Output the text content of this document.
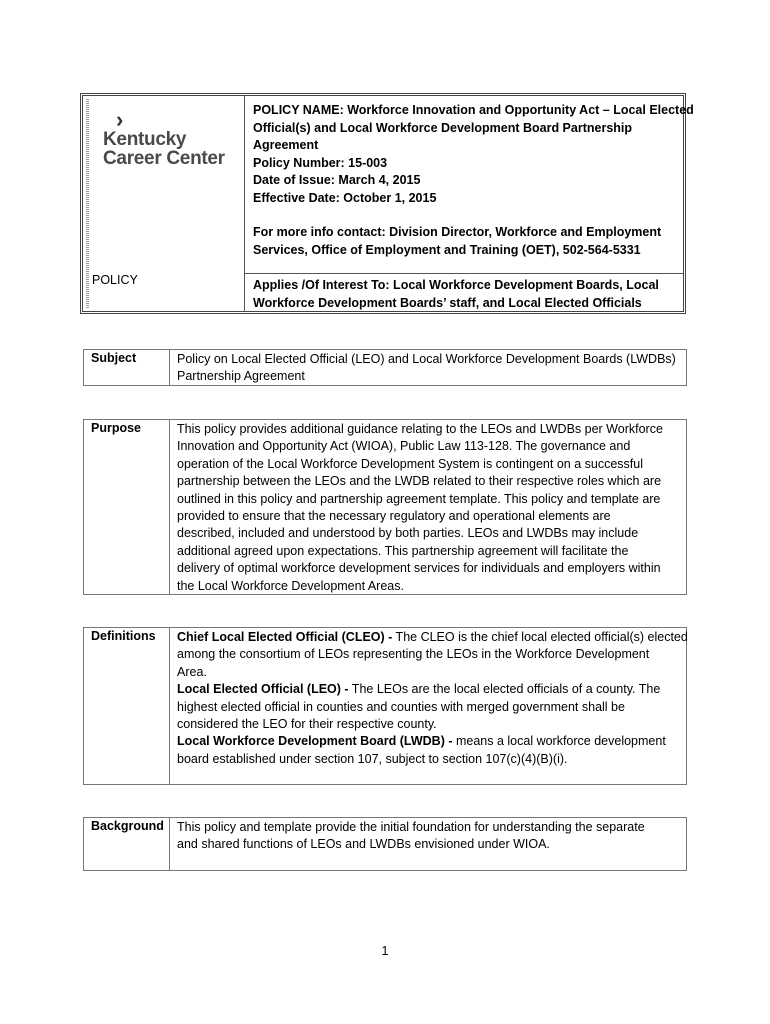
›
Kentucky
Career Center
POLICY
POLICY NAME: Workforce Innovation and Opportunity Act – Local Elected
Official(s) and Local Workforce Development Board Partnership
Agreement
Policy Number: 15-003
Date of Issue: March 4, 2015
Effective Date: October 1, 2015
For more info contact: Division Director, Workforce and Employment
Services, Office of Employment and Training (OET), 502-564-5331
Applies /Of Interest To: Local Workforce Development Boards, Local
Workforce Development Boards’ staff, and Local Elected Officials
Subject	Policy on Local Elected Official (LEO) and Local Workforce Development Boards (LWDBs)
Partnership Agreement
Purpose	This policy provides additional guidance relating to the LEOs and LWDBs per Workforce
Innovation and Opportunity Act (WIOA), Public Law 113-128. The governance and
operation of the Local Workforce Development System is contingent on a successful
partnership between the LEOs and the LWDB related to their respective roles which are
outlined in this policy and partnership agreement template. This policy and template are
provided to ensure that the necessary regulatory and operational elements are
described, included and understood by both parties. LEOs and LWDBs may include
additional agreed upon expectations. This partnership agreement will facilitate the
delivery of optimal workforce development services for individuals and employers within
the Local Workforce Development Areas.
Definitions	Chief Local Elected Official (CLEO) - The CLEO is the chief local elected official(s) elected
among the consortium of LEOs representing the LEOs in the Workforce Development
Area.
Local Elected Official (LEO) - The LEOs are the local elected officials of a county. The
highest elected official in counties and counties with merged government shall be
considered the LEO for their respective county.
Local Workforce Development Board (LWDB) - means a local workforce development
board established under section 107, subject to section 107(c)(4)(B)(i).
Background	This policy and template provide the initial foundation for understanding the separate
and shared functions of LEOs and LWDBs envisioned under WIOA.
1
